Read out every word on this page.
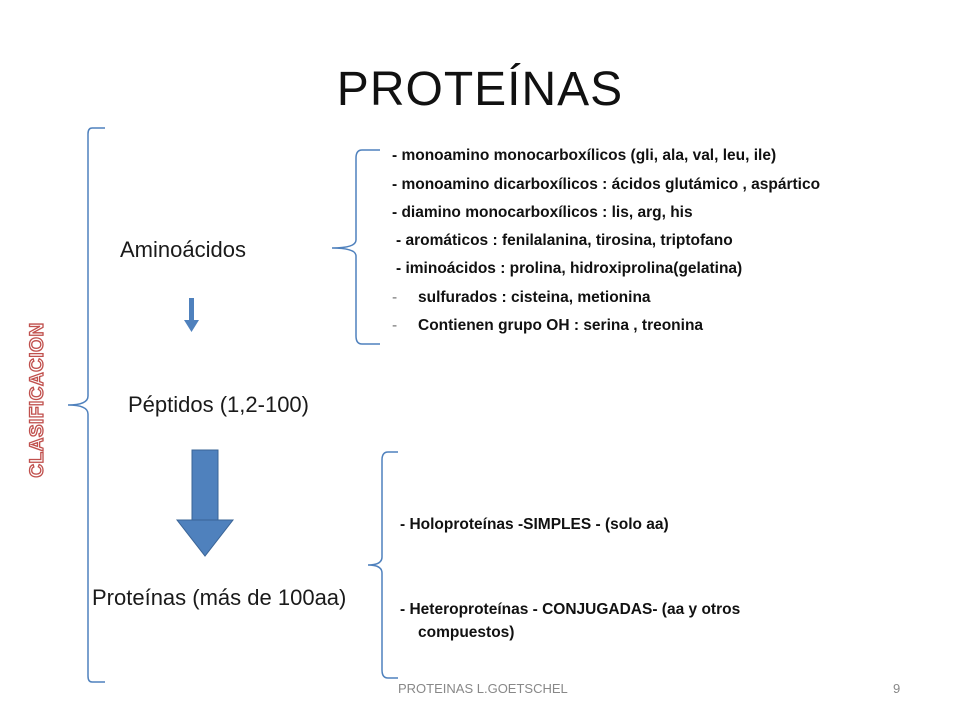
PROTEÍNAS
CLASIFICACION
Aminoácidos
Péptidos (1,2-100)
Proteínas (más de 100aa)
- monoamino monocarboxílicos (gli, ala, val, leu, ile)
- monoamino dicarboxílicos : ácidos glutámico , aspártico
- diamino monocarboxílicos : lis, arg, his
- aromáticos : fenilalanina, tirosina, triptofano
- iminoácidos : prolina, hidroxiprolina(gelatina)
- sulfurados : cisteina, metionina
- Contienen grupo OH : serina , treonina
- Holoproteínas -SIMPLES - (solo aa)
- Heteroproteínas - CONJUGADAS- (aa y otros
compuestos)
PROTEINAS L.GOETSCHEL	9
